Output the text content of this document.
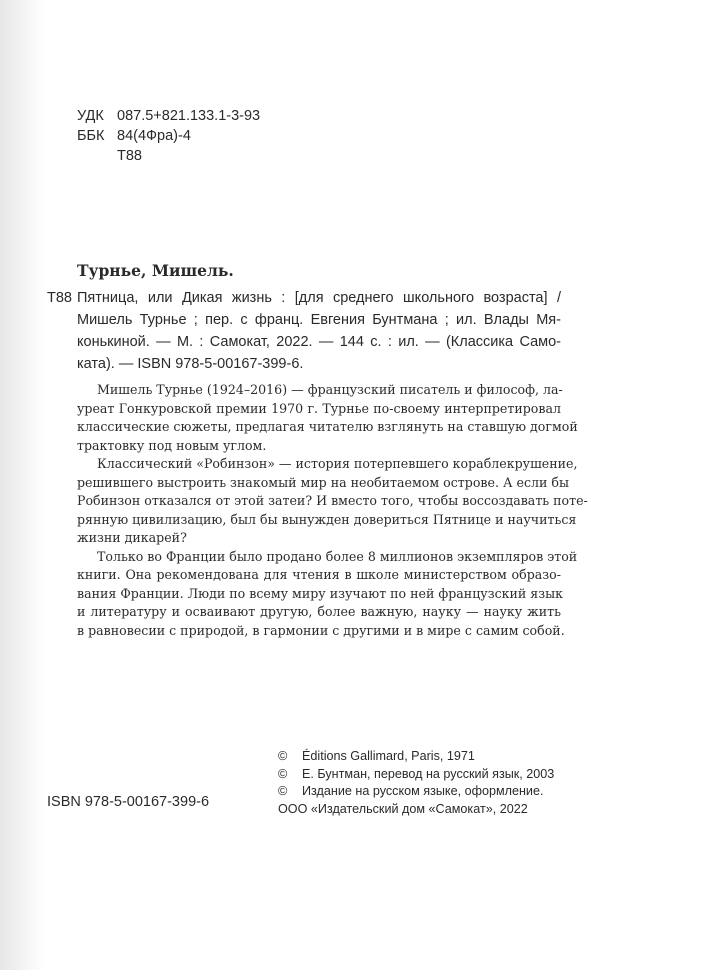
УДК 087.5+821.133.1-3-93
ББК 84(4Фра)-4
Т88
Турнье, Мишель.
Т88 Пятница, или Дикая жизнь : [для среднего школьного возраста] /
Мишель Турнье ; пер. с франц. Евгения Бунтмана ; ил. Влады Мя-
конькиной. — М. : Самокат, 2022. — 144 с. : ил. — (Классика Само-
ката). — ISBN 978-5-00167-399-6.
Мишель Турнье (1924–2016) — французский писатель и философ, ла-
уреат Гонкуровской премии 1970 г. Турнье по-своему интерпретировал
классические сюжеты, предлагая читателю взглянуть на ставшую догмой
трактовку под новым углом.
Классический «Робинзон» — история потерпевшего кораблекрушение,
решившего выстроить знакомый мир на необитаемом острове. А если бы
Робинзон отказался от этой затеи? И вместо того, чтобы воссоздавать поте-
рянную цивилизацию, был бы вынужден довериться Пятнице и научиться
жизни дикарей?
Только во Франции было продано более 8 миллионов экземпляров этой
книги. Она рекомендована для чтения в школе министерством образо-
вания Франции. Люди по всему миру изучают по ней французский язык
и литературу и осваивают другую, более важную, науку — науку жить
в равновесии с природой, в гармонии с другими и в мире с самим собой.
©	Éditions Gallimard, Paris, 1971
©	Е. Бунтман, перевод на русский язык, 2003
©	Издание на русском языке, оформление.
ООО «Издательский дом «Самокат», 2022
ISBN 978-5-00167-399-6
